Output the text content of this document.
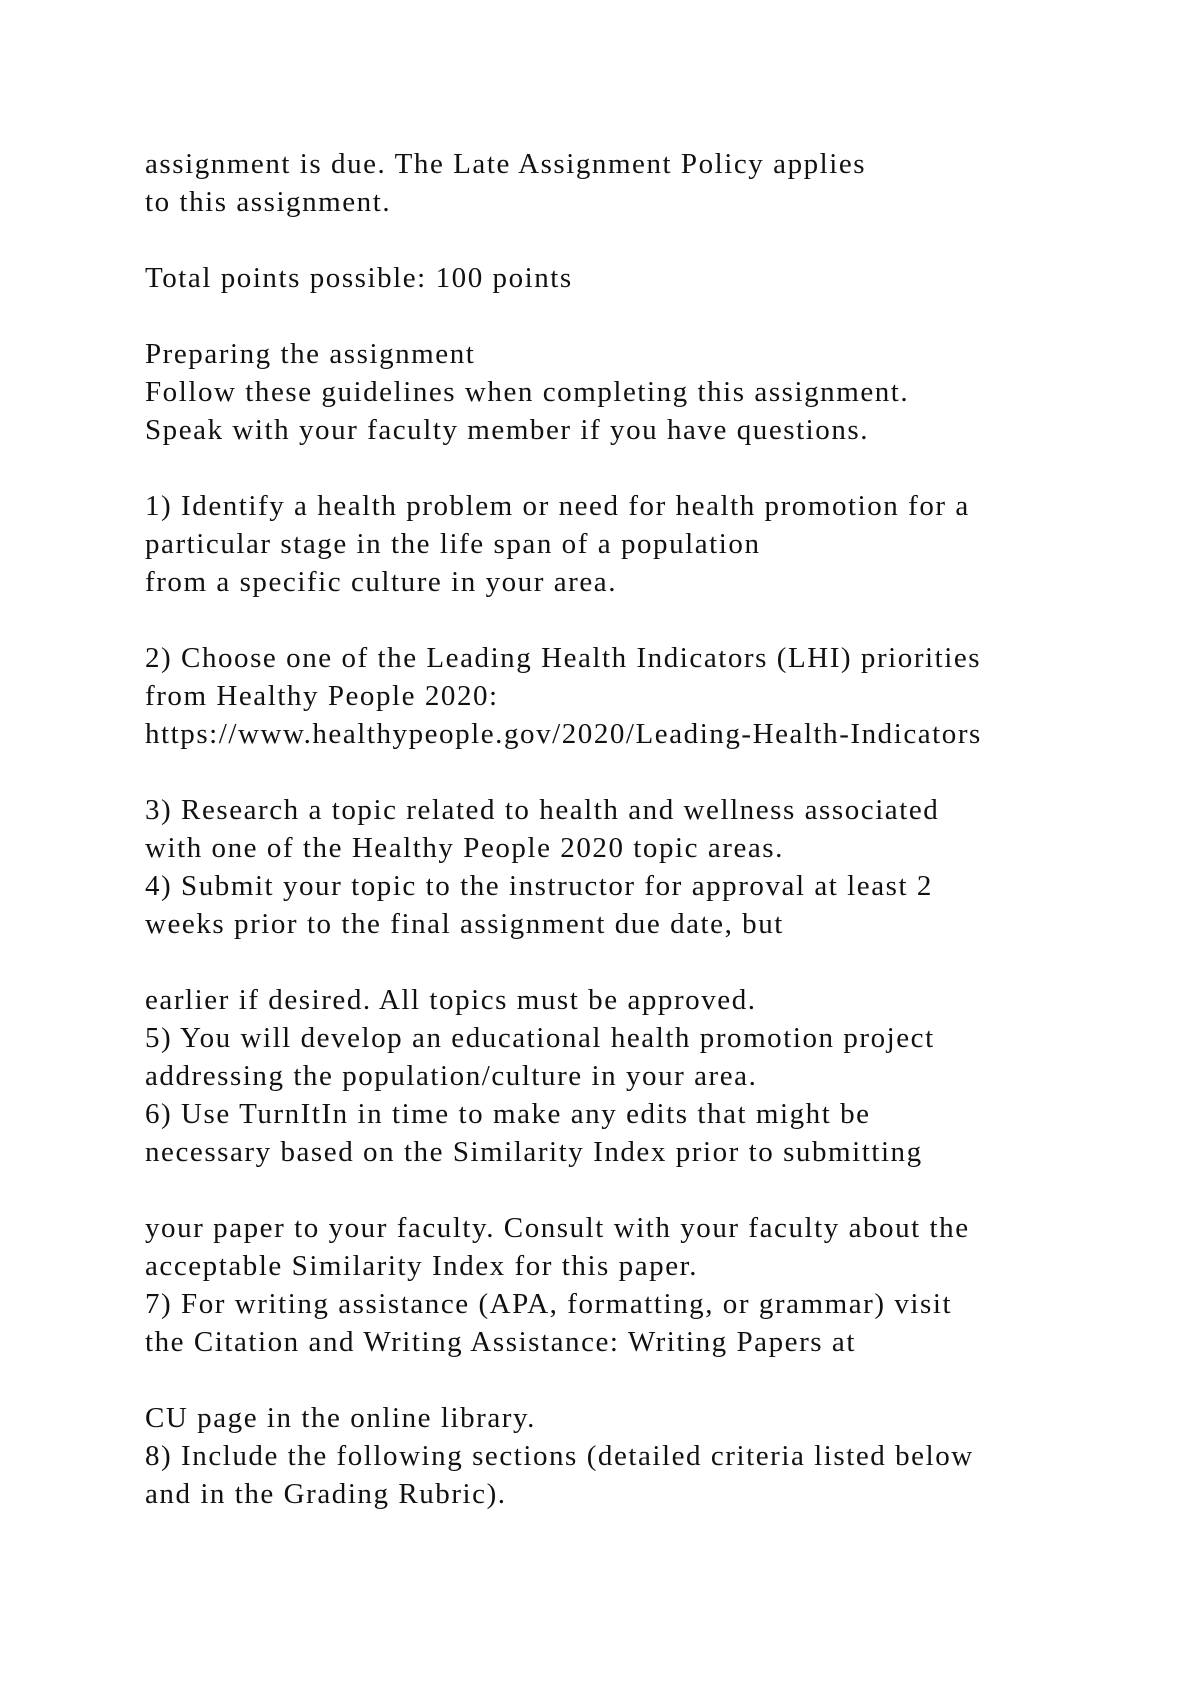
assignment is due. The Late Assignment Policy applies

to this assignment.

Total points possible: 100 points

Preparing the assignment

Follow these guidelines when completing this assignment.

Speak with your faculty member if you have questions.

1) Identify a health problem or need for health promotion for a

particular stage in the life span of a population

from a specific culture in your area.

2) Choose one of the Leading Health Indicators (LHI) priorities

from Healthy People 2020:

https://www.healthypeople.gov/2020/Leading-Health-Indicators

3) Research a topic related to health and wellness associated

with one of the Healthy People 2020 topic areas.

4) Submit your topic to the instructor for approval at least 2

weeks prior to the final assignment due date, but

earlier if desired. All topics must be approved.

5) You will develop an educational health promotion project

addressing the population/culture in your area.

6) Use TurnItIn in time to make any edits that might be

necessary based on the Similarity Index prior to submitting

your paper to your faculty. Consult with your faculty about the

acceptable Similarity Index for this paper.

7) For writing assistance (APA, formatting, or grammar) visit

the Citation and Writing Assistance: Writing Papers at

CU page in the online library.

8) Include the following sections (detailed criteria listed below

and in the Grading Rubric).
